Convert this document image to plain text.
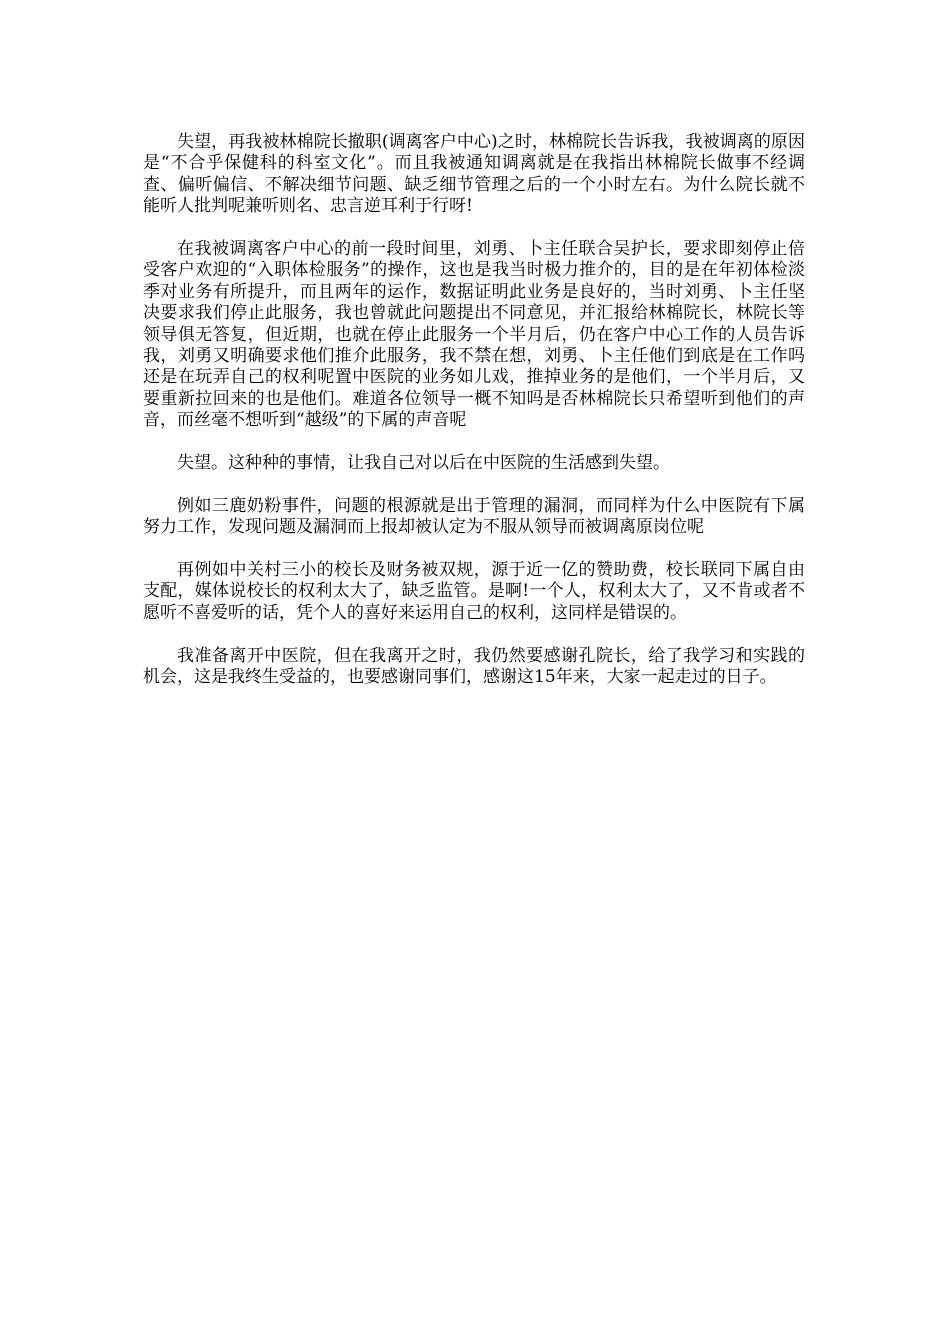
失望，再我被林棉院长撤职(调离客户中心)之时，林棉院长告诉我，我被调离的原因是“不合乎保健科的科室文化”。而且我被通知调离就是在我指出林棉院长做事不经调查、偏听偏信、不解决细节问题、缺乏细节管理之后的一个小时左右。为什么院长就不能听人批判呢兼听则名、忠言逆耳利于行呀!

在我被调离客户中心的前一段时间里，刘勇、卜主任联合吴护长，要求即刻停止倍受客户欢迎的“入职体检服务”的操作，这也是我当时极力推介的，目的是在年初体检淡季对业务有所提升，而且两年的运作，数据证明此业务是良好的，当时刘勇、卜主任坚决要求我们停止此服务，我也曾就此问题提出不同意见，并汇报给林棉院长，林院长等领导俱无答复，但近期，也就在停止此服务一个半月后，仍在客户中心工作的人员告诉我，刘勇又明确要求他们推介此服务，我不禁在想，刘勇、卜主任他们到底是在工作吗还是在玩弄自己的权利呢置中医院的业务如儿戏，推掉业务的是他们，一个半月后，又要重新拉回来的也是他们。难道各位领导一概不知吗是否林棉院长只希望听到他们的声音，而丝毫不想听到“越级”的下属的声音呢

失望。这种种的事情，让我自己对以后在中医院的生活感到失望。

例如三鹿奶粉事件，问题的根源就是出于管理的漏洞，而同样为什么中医院有下属努力工作，发现问题及漏洞而上报却被认定为不服从领导而被调离原岗位呢

再例如中关村三小的校长及财务被双规，源于近一亿的赞助费，校长联同下属自由支配，媒体说校长的权利太大了，缺乏监管。是啊!一个人，权利太大了，又不肯或者不愿听不喜爱听的话，凭个人的喜好来运用自己的权利，这同样是错误的。

我准备离开中医院，但在我离开之时，我仍然要感谢孔院长，给了我学习和实践的机会，这是我终生受益的，也要感谢同事们，感谢这15年来，大家一起走过的日子。
